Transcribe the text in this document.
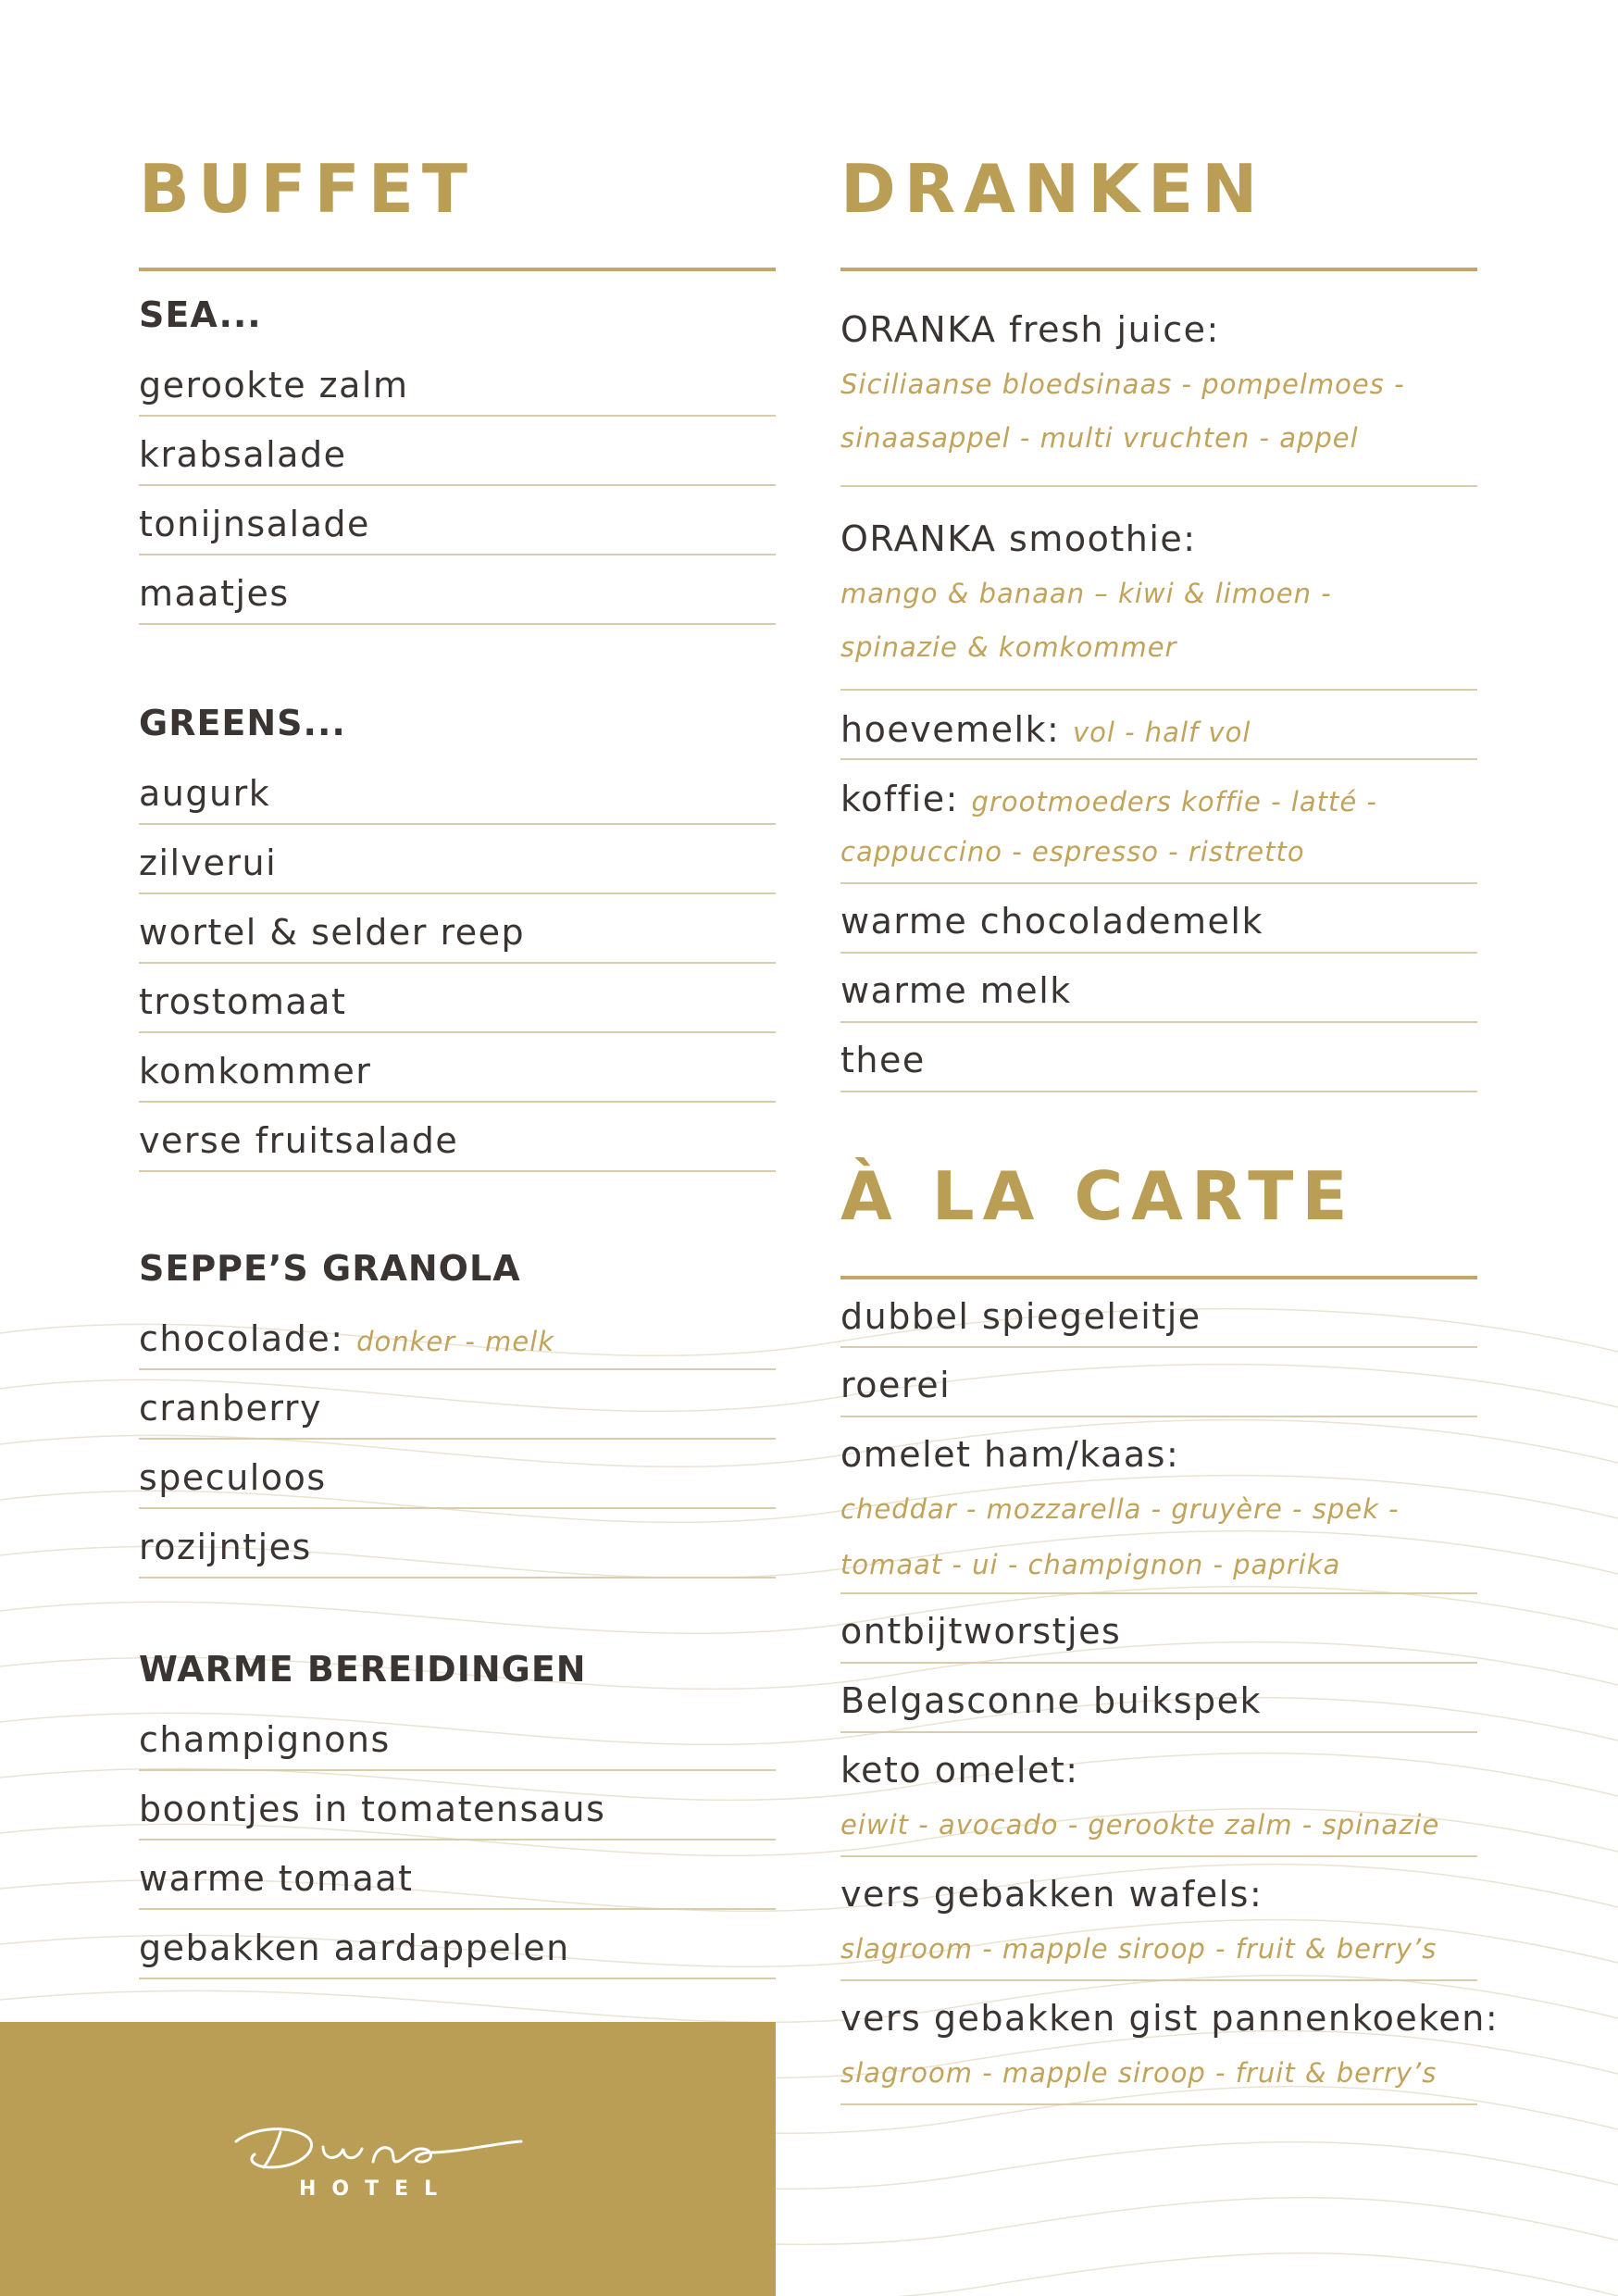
BUFFET
SEA...
gerookte zalm
krabsalade
tonijnsalade
maatjes
GREENS...
augurk
zilverui
wortel & selder reep
trostomaat
komkommer
verse fruitsalade
SEPPE’S GRANOLA
chocolade: donker - melk
cranberry
speculoos
rozijntjes
WARME BEREIDINGEN
champignons
boontjes in tomatensaus
warme tomaat
gebakken aardappelen
DRANKEN
ORANKA fresh juice:
Siciliaanse bloedsinaas - pompelmoes -
sinaasappel - multi vruchten - appel
ORANKA smoothie:
mango & banaan – kiwi & limoen -
spinazie & komkommer
hoevemelk: vol - half vol
koffie: grootmoeders koffie - latté -
cappuccino - espresso - ristretto
warme chocolademelk
warme melk
thee
À LA CARTE
dubbel spiegeleitje
roerei
omelet ham/kaas:
cheddar - mozzarella - gruyère - spek -
tomaat - ui - champignon - paprika
ontbijtworstjes
Belgasconne buikspek
keto omelet:
eiwit - avocado - gerookte zalm - spinazie
vers gebakken wafels:
slagroom - mapple siroop - fruit & berry’s
vers gebakken gist pannenkoeken:
slagroom - mapple siroop - fruit & berry’s
HOTEL
